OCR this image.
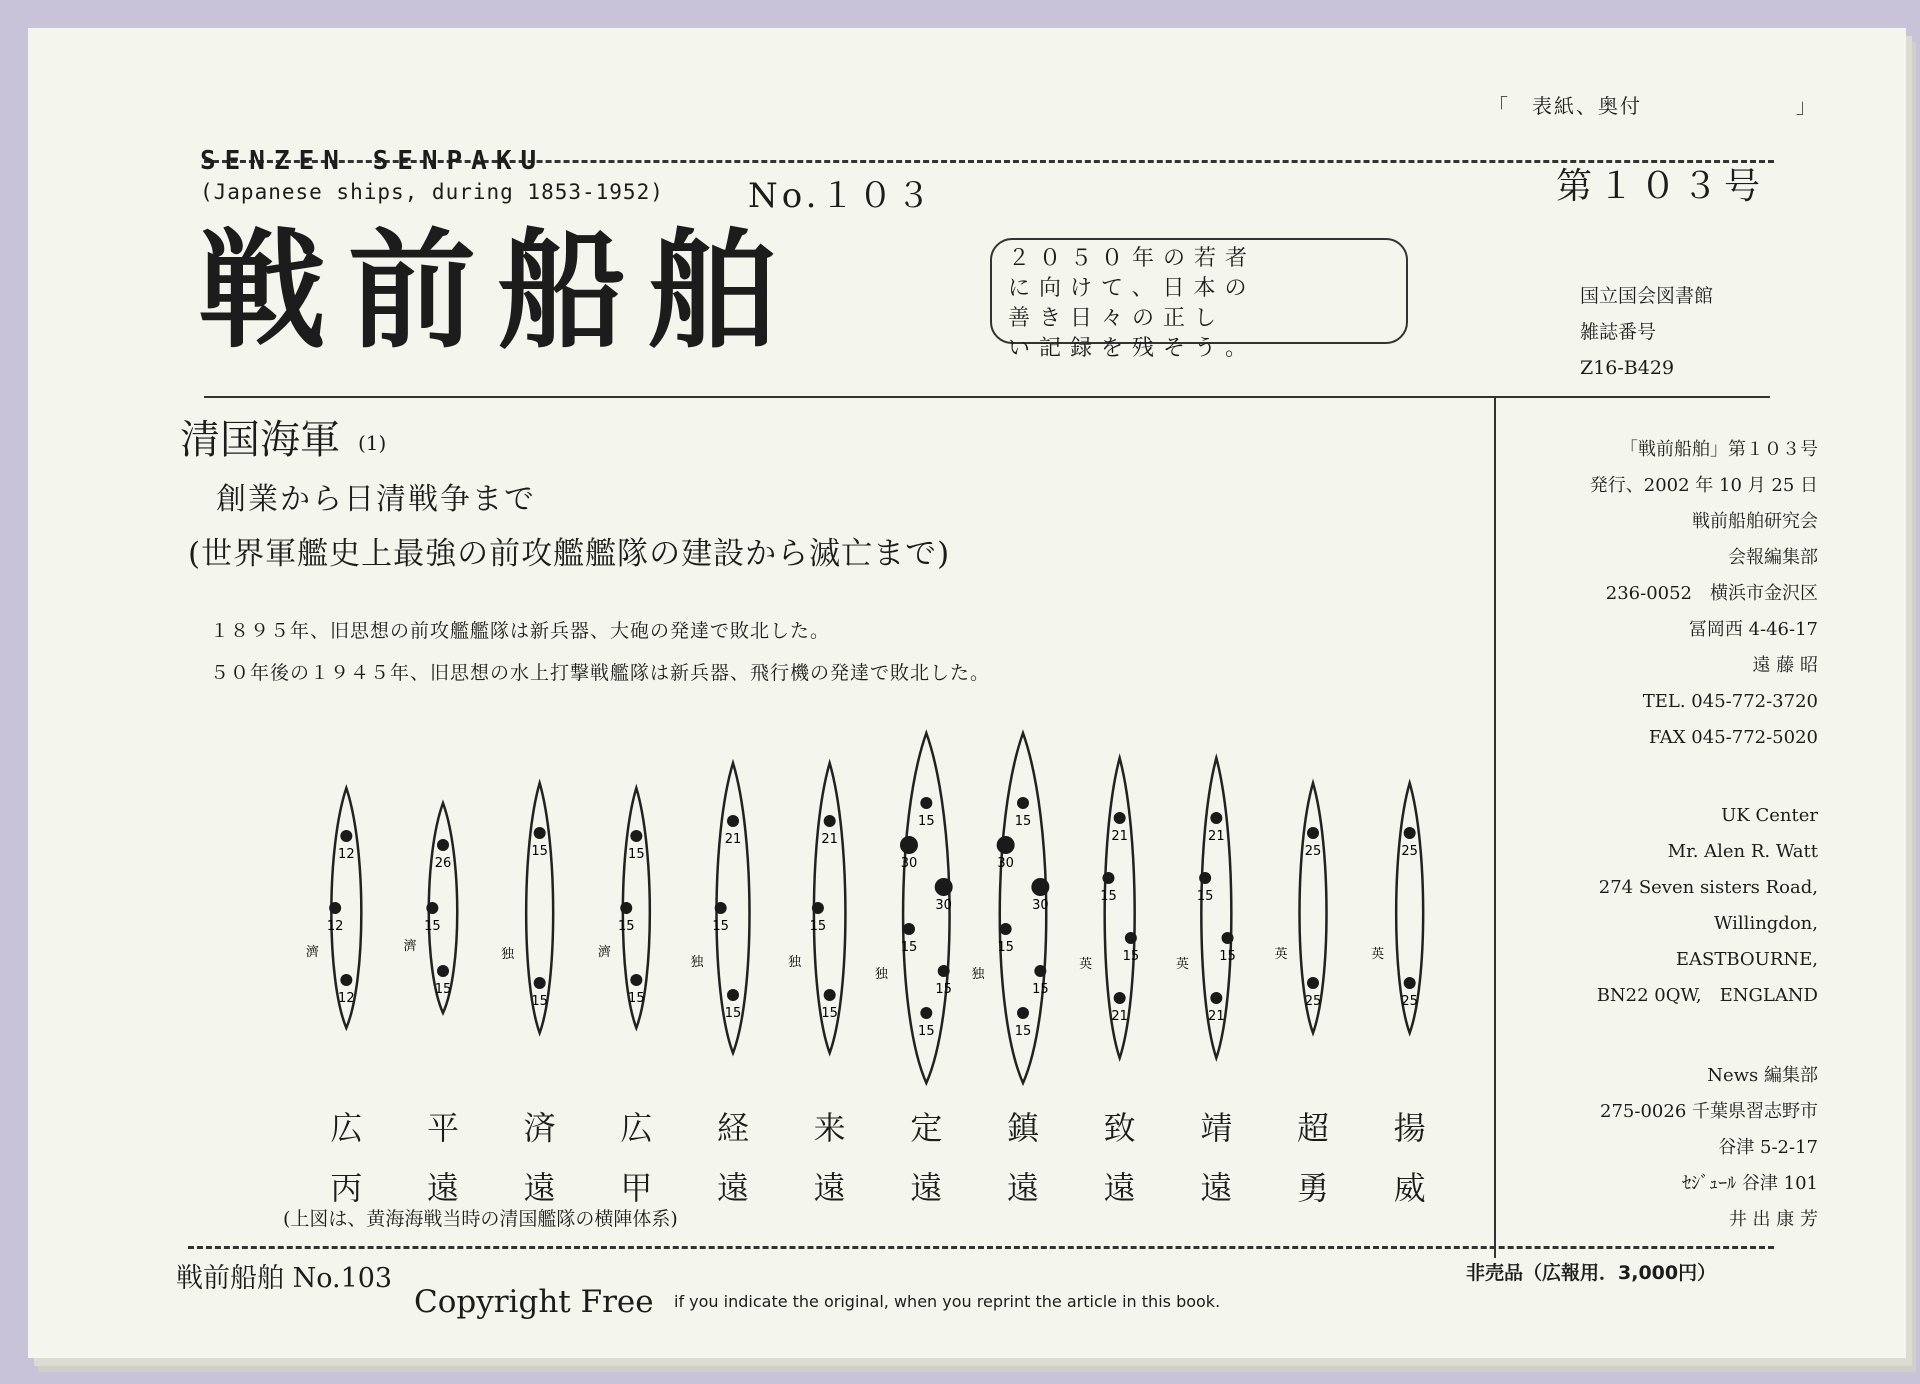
「　表紙、奥付　　　　　　　」
SENZEN SENPAKU
(Japanese ships, during 1853-1952) No.１０３	第１０３号
戦前船舶	２０５０年の若者

に向けて、日本の

善き日々の正し

い記録を残そう。

国立国会図書館

雑誌番号

Z16-B429

清国海軍 (1)
創業から日清戦争まで
(世界軍艦史上最強の前攻艦艦隊の建設から滅亡まで)
１８９５年、旧思想の前攻艦艦隊は新兵器、大砲の発達で敗北した。
５０年後の１９４５年、旧思想の水上打撃戦艦隊は新兵器、飛行機の発達で敗北した。
12
12
12
濟
26
15
15
濟
15
15
独
15
15
15
濟
21
15
15
独
21
15
15
独
15
30
30
15
15
15
独
15
30
30
15
15
15
独
21
15
15
21
英
21
15
15
21
英
25
25
英
25
25
英
広
丙
平
遠
済
遠
広
甲
経
遠
来
遠
定
遠
鎮
遠
致
遠
靖
遠
超
勇
揚
威
(上図は、黄海海戦当時の清国艦隊の横陣体系)

「戦前船舶」第１０３号

発行、2002 年 10 月 25 日

戦前船舶研究会

会報編集部

236-0052　横浜市金沢区

冨岡西 4-46-17

遠 藤 昭

TEL. 045-772-3720

FAX 045-772-5020

UK Center

Mr. Alen R. Watt

274 Seven sisters Road,

Willingdon,

EASTBOURNE,

BN22 0QW,　ENGLAND

News 編集部

275-0026 千葉県習志野市

谷津 5-2-17

ｾｼﾞｭｰﾙ 谷津 101

井 出 康 芳

戦前船舶 No.103
Copyright Free if you indicate the original, when you reprint the article in this book.
非売品（広報用．3,000円）
